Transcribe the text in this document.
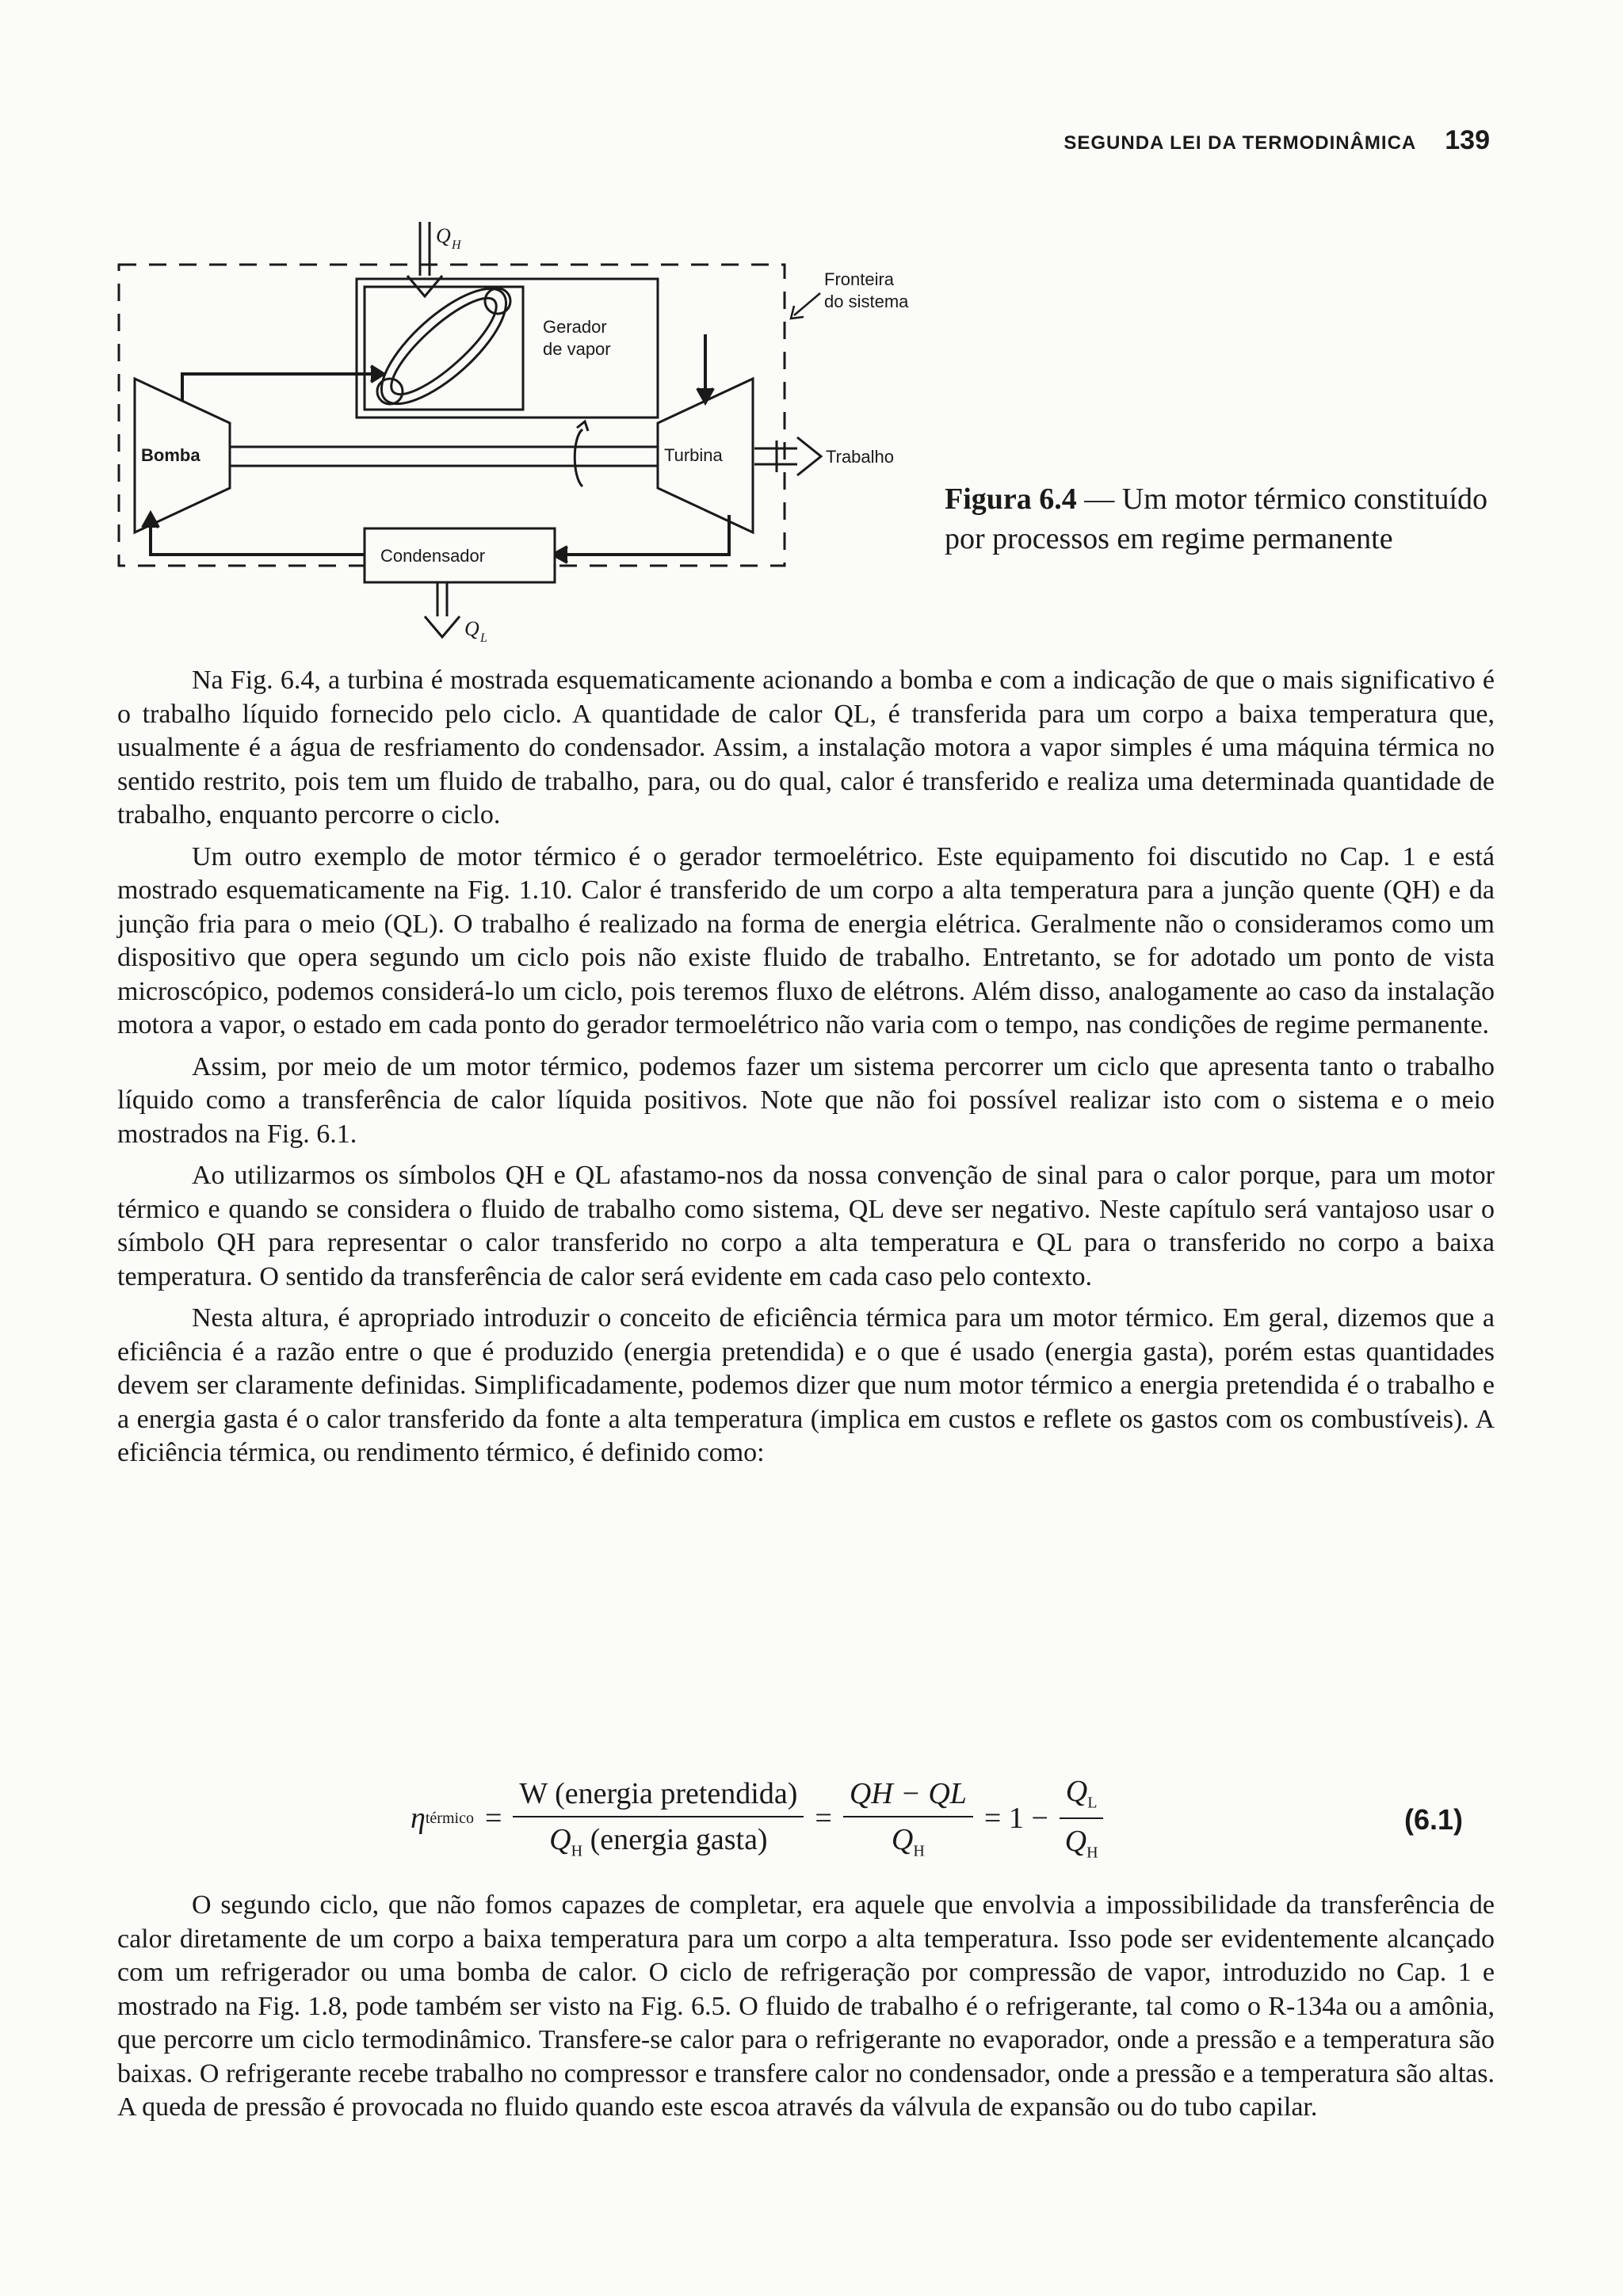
SEGUNDA LEI DA TERMODINÂMICA 139
Q H
Gerador
de vapor
Fronteira
do sistema
Bomba	Turbina	Trabalho
Condensador
Q L
Figura 6.4 — Um motor térmico constituído por processos em regime permanente

Na Fig. 6.4, a turbina é mostrada esquematicamente acionando a bomba e com a indicação de que o mais significativo é o trabalho líquido fornecido pelo ciclo. A quantidade de calor QL, é transferida para um corpo a baixa temperatura que, usualmente é a água de resfriamento do condensador. Assim, a instalação motora a vapor simples é uma máquina térmica no sentido restrito, pois tem um fluido de trabalho, para, ou do qual, calor é transferido e realiza uma determinada quantidade de trabalho, enquanto percorre o ciclo.

Um outro exemplo de motor térmico é o gerador termoelétrico. Este equipamento foi discutido no Cap. 1 e está mostrado esquematicamente na Fig. 1.10. Calor é transferido de um corpo a alta temperatura para a junção quente (QH) e da junção fria para o meio (QL). O trabalho é realizado na forma de energia elétrica. Geralmente não o consideramos como um dispositivo que opera segundo um ciclo pois não existe fluido de trabalho. Entretanto, se for adotado um ponto de vista microscópico, podemos considerá-lo um ciclo, pois teremos fluxo de elétrons. Além disso, analogamente ao caso da instalação motora a vapor, o estado em cada ponto do gerador termoelétrico não varia com o tempo, nas condições de regime permanente.

Assim, por meio de um motor térmico, podemos fazer um sistema percorrer um ciclo que apresenta tanto o trabalho líquido como a transferência de calor líquida positivos. Note que não foi possível realizar isto com o sistema e o meio mostrados na Fig. 6.1.

Ao utilizarmos os símbolos QH e QL afastamo-nos da nossa convenção de sinal para o calor porque, para um motor térmico e quando se considera o fluido de trabalho como sistema, QL deve ser negativo. Neste capítulo será vantajoso usar o símbolo QH para representar o calor transferido no corpo a alta temperatura e QL para o transferido no corpo a baixa temperatura. O sentido da transferência de calor será evidente em cada caso pelo contexto.

Nesta altura, é apropriado introduzir o conceito de eficiência térmica para um motor térmico. Em geral, dizemos que a eficiência é a razão entre o que é produzido (energia pretendida) e o que é usado (energia gasta), porém estas quantidades devem ser claramente definidas. Simplificadamente, podemos dizer que num motor térmico a energia pretendida é o trabalho e a energia gasta é o calor transferido da fonte a alta temperatura (implica em custos e reflete os gastos com os combustíveis). A eficiência térmica, ou rendimento térmico, é definido como:

η térmico = $\frac{\text{W (energia pretendida)}}{Q_H (energia gasta)} = \frac{QH - QL}{Q_H} = 1 - \frac{Q_L}{Q_H}$	(6.1)

O segundo ciclo, que não fomos capazes de completar, era aquele que envolvia a impossibilidade da transferência de calor diretamente de um corpo a baixa temperatura para um corpo a alta temperatura. Isso pode ser evidentemente alcançado com um refrigerador ou uma bomba de calor. O ciclo de refrigeração por compressão de vapor, introduzido no Cap. 1 e mostrado na Fig. 1.8, pode também ser visto na Fig. 6.5. O fluido de trabalho é o refrigerante, tal como o R-134a ou a amônia, que percorre um ciclo termodinâmico. Transfere-se calor para o refrigerante no evaporador, onde a pressão e a temperatura são baixas. O refrigerante recebe trabalho no compressor e transfere calor no condensador, onde a pressão e a temperatura são altas. A queda de pressão é provocada no fluido quando este escoa através da válvula de expansão ou do tubo capilar.
